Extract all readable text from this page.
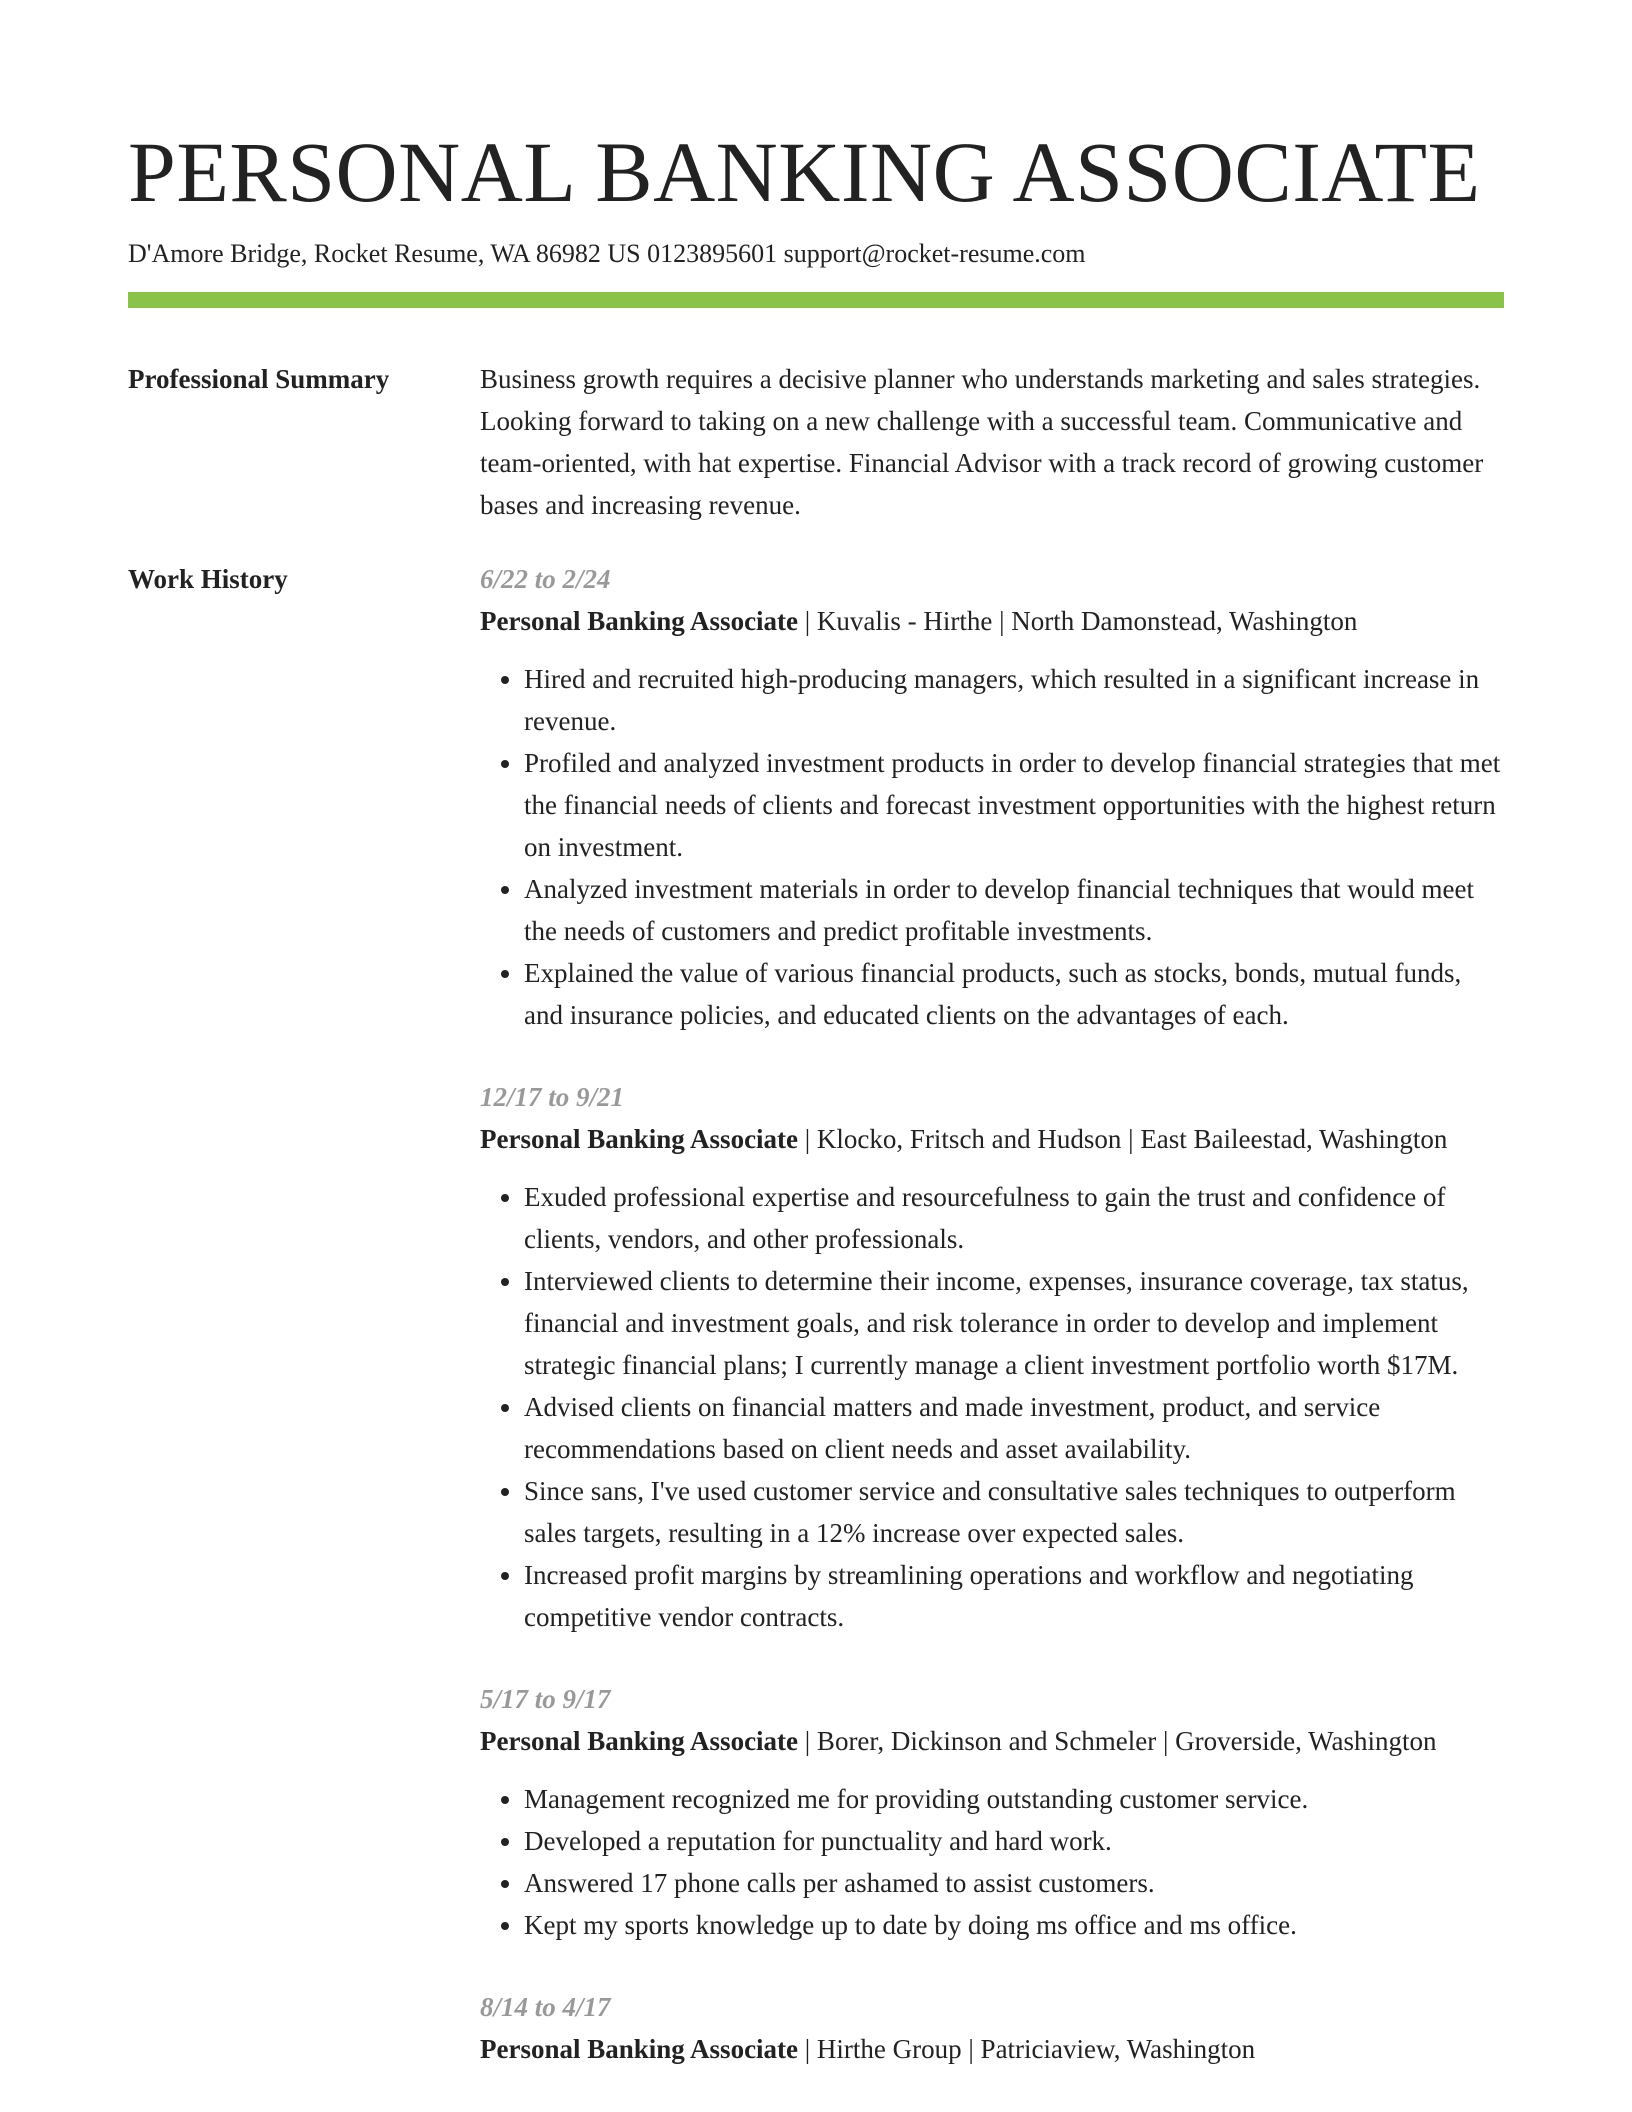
PERSONAL BANKING ASSOCIATE
D'Amore Bridge, Rocket Resume, WA 86982 US 0123895601 support@rocket-resume.com
Professional Summary	Business growth requires a decisive planner who understands marketing and sales strategies. Looking forward to taking on a new challenge with a successful team. Communicative and team-oriented, with hat expertise. Financial Advisor with a track record of growing customer bases and increasing revenue.

Work History	6/22 to 2/24
Personal Banking Associate | Kuvalis - Hirthe | North Damonstead, Washington
• Hired and recruited high-producing managers, which resulted in a significant increase in revenue.
• Profiled and analyzed investment products in order to develop financial strategies that met the financial needs of clients and forecast investment opportunities with the highest return on investment.
• Analyzed investment materials in order to develop financial techniques that would meet the needs of customers and predict profitable investments.
• Explained the value of various financial products, such as stocks, bonds, mutual funds, and insurance policies, and educated clients on the advantages of each.
12/17 to 9/21
Personal Banking Associate | Klocko, Fritsch and Hudson | East Baileestad, Washington
• Exuded professional expertise and resourcefulness to gain the trust and confidence of clients, vendors, and other professionals.
• Interviewed clients to determine their income, expenses, insurance coverage, tax status, financial and investment goals, and risk tolerance in order to develop and implement strategic financial plans; I currently manage a client investment portfolio worth $17M.
• Advised clients on financial matters and made investment, product, and service recommendations based on client needs and asset availability.
• Since sans, I've used customer service and consultative sales techniques to outperform sales targets, resulting in a 12% increase over expected sales.
• Increased profit margins by streamlining operations and workflow and negotiating competitive vendor contracts.
5/17 to 9/17
Personal Banking Associate | Borer, Dickinson and Schmeler | Groverside, Washington
• Management recognized me for providing outstanding customer service.
• Developed a reputation for punctuality and hard work.
• Answered 17 phone calls per ashamed to assist customers.
• Kept my sports knowledge up to date by doing ms office and ms office.
8/14 to 4/17
Personal Banking Associate | Hirthe Group | Patriciaview, Washington
